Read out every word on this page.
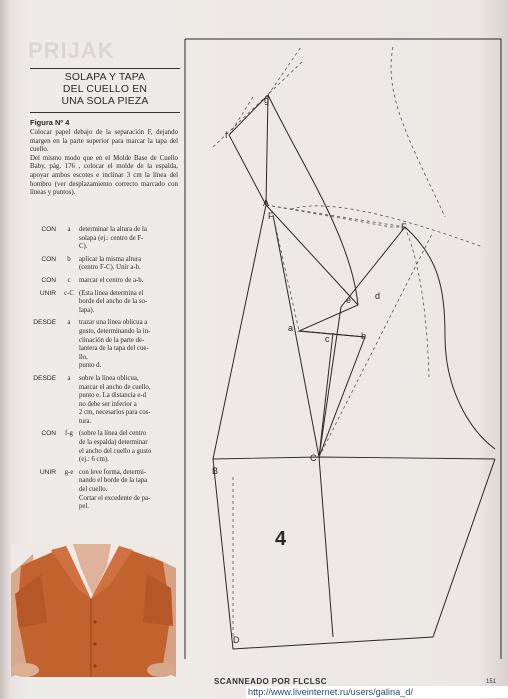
PRIJAK
SOLAPA Y TAPA
DEL CUELLO EN
UNA SOLA PIEZA
Figura Nº 4

Colocar papel debajo de la separación F, dejando margen en la parte superior para marcar la tapa del cuello.

Del mismo modo que en el Molde Base de Cuello Baby, pág. 176 , colocar el molde de la espalda, apoyar ambos escotes e inclinar 3 cm la línea del hombro (ver desplazamiento correcto marcado con líneas y puntos).

CON	a	determinar la altura de la
solapa (ej.: centro de F-
C).
CON	b	aplicar la misma altura
(centro F-C). Unir a-b.
CON	c	marcar el centro de a-b.
UNIR	c-C (Esta línea determina el
borde del ancho de la so-
lapa).
DESDE	a	trazar una línea oblicua a
gusto, determinando la in-
clinación de la parte de-
lantera de la tapa del cue-
llo,
punto d.
DESDE	a	sobre la línea oblicua,
marcar el ancho de cuello,
punto e. La distancia e-d
no debe ser inferior a
2 cm, necesarios para cos-
tura.
CON	f-g (sobre la línea del centro
de la espalda) determinar
el ancho del cuello a gusto
(ej.: 6 cm).
UNIR	g-e con leve forma, determi-
nando el borde de la tapa
del cuello.
Cortar el excedente de pa-
pel.
g
f
A
F
F
e	d
a
c	b
C
B
D
4
SCANNEADO POR FLCLSC	151
http://www.liveinternet.ru/users/galina_d/
